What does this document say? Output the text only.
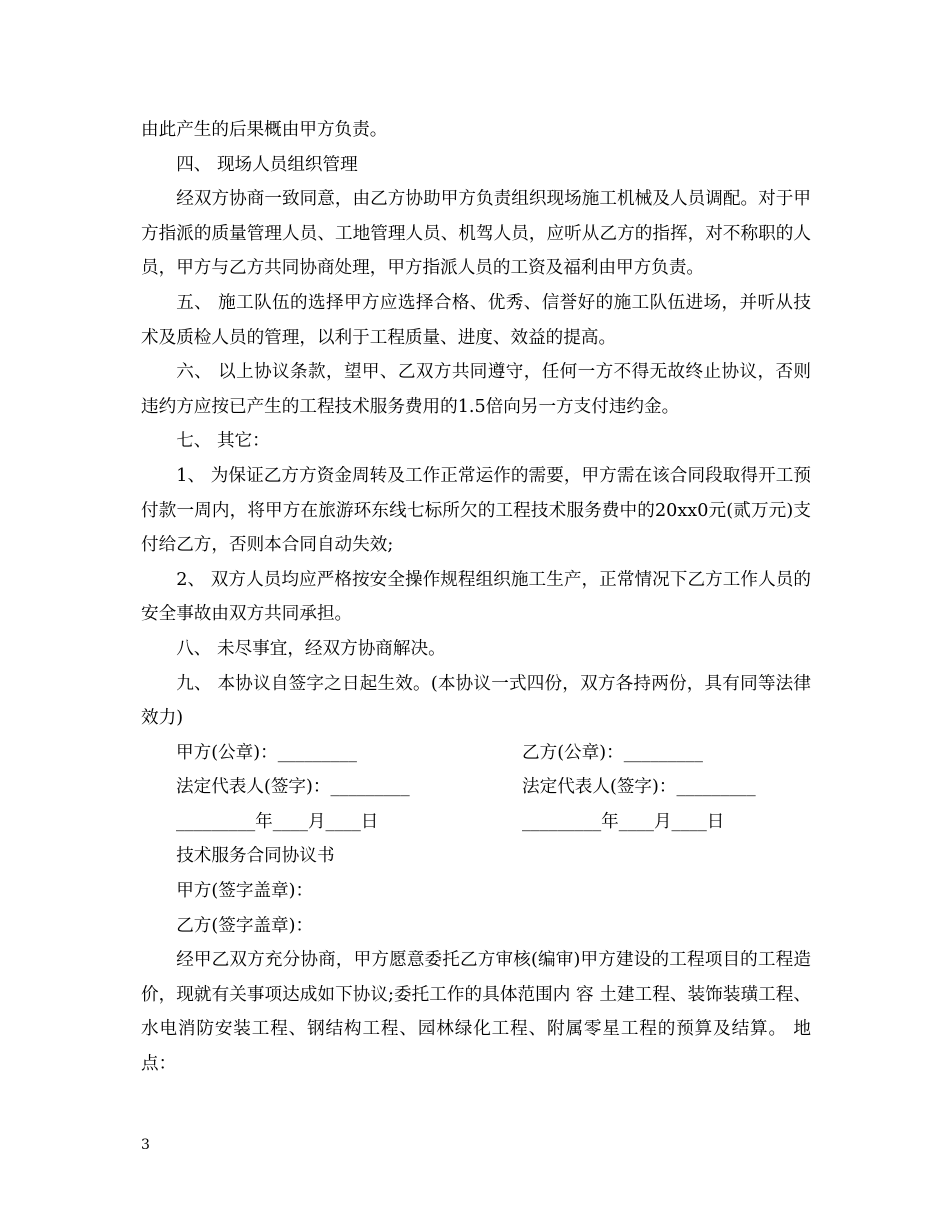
由此产生的后果概由甲方负责。

四、 现场人员组织管理

经双方协商一致同意，由乙方协助甲方负责组织现场施工机械及人员调配。对于甲方指派的质量管理人员、工地管理人员、机驾人员，应听从乙方的指挥，对不称职的人员，甲方与乙方共同协商处理，甲方指派人员的工资及福利由甲方负责。

五、 施工队伍的选择甲方应选择合格、优秀、信誉好的施工队伍进场，并听从技术及质检人员的管理，以利于工程质量、进度、效益的提高。

六、 以上协议条款，望甲、乙双方共同遵守，任何一方不得无故终止协议，否则违约方应按已产生的工程技术服务费用的1.5倍向另一方支付违约金。

七、 其它：

1、 为保证乙方方资金周转及工作正常运作的需要，甲方需在该合同段取得开工预付款一周内，将甲方在旅游环东线七标所欠的工程技术服务费中的20xx0元(贰万元)支付给乙方，否则本合同自动失效;

2、 双方人员均应严格按安全操作规程组织施工生产，正常情况下乙方工作人员的安全事故由双方共同承担。

八、 未尽事宜，经双方协商解决。

九、 本协议自签字之日起生效。(本协议一式四份，双方各持两份，具有同等法律效力)

甲方(公章)：_________	乙方(公章)：_________
法定代表人(签字)：_________	法定代表人(签字)：_________
_________年____月____日	_________年____月____日

技术服务合同协议书

甲方(签字盖章)：

乙方(签字盖章)：

经甲乙双方充分协商，甲方愿意委托乙方审核(编审)甲方建设的工程项目的工程造价，现就有关事项达成如下协议;委托工作的具体范围内 容 土建工程、装饰装璜工程、水电消防安装工程、钢结构工程、园林绿化工程、附属零星工程的预算及结算。 地 点：

3
